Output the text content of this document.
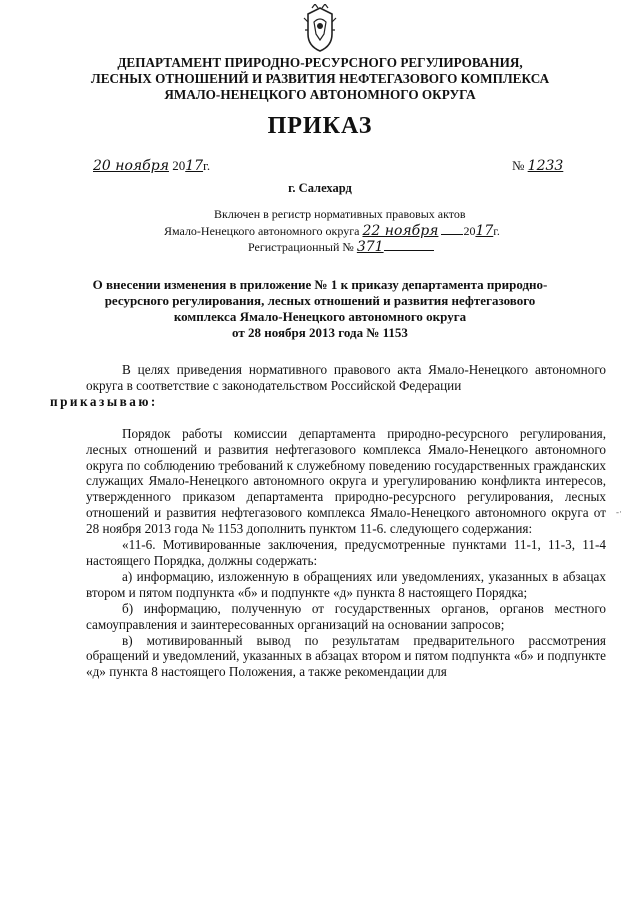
ДЕПАРТАМЕНТ ПРИРОДНО-РЕСУРСНОГО РЕГУЛИРОВАНИЯ,
ЛЕСНЫХ ОТНОШЕНИЙ И РАЗВИТИЯ НЕФТЕГАЗОВОГО КОМПЛЕКСА
ЯМАЛО-НЕНЕЦКОГО АВТОНОМНОГО ОКРУГА
ПРИКАЗ
20 ноября 2017г.	№ 1233
г. Салехард
Включен в регистр нормативных правовых актов
Ямало-Ненецкого автономного округа 22 ноября 2017г.
Регистрационный № 371
О внесении изменения в приложение № 1 к приказу департамента природно-
ресурсного регулирования, лесных отношений и развития нефтегазового
комплекса Ямало-Ненецкого автономного округа
от 28 ноября 2013 года № 1153

В целях приведения нормативного правового акта Ямало-Ненецкого автономного округа в соответствие с законодательством Российской Федерации
приказываю:

Порядок работы комиссии департамента природно-ресурсного регулирования, лесных отношений и развития нефтегазового комплекса Ямало-Ненецкого автономного округа по соблюдению требований к служебному поведению государственных гражданских служащих Ямало-Ненецкого автономного округа и урегулированию конфликта интересов, утвержденного приказом департамента природно-ресурсного регулирования, лесных отношений и развития нефтегазового комплекса Ямало-Ненецкого автономного округа от 28 ноября 2013 года № 1153 дополнить пунктом 11-6. следующего содержания:

«11-6. Мотивированные заключения, предусмотренные пунктами 11-1, 11-3, 11-4 настоящего Порядка, должны содержать:

а) информацию, изложенную в обращениях или уведомлениях, указанных в абзацах втором и пятом подпункта «б» и подпункте «д» пункта 8 настоящего Порядка;

б) информацию, полученную от государственных органов, органов местного самоуправления и заинтересованных организаций на основании запросов;

в) мотивированный вывод по результатам предварительного рассмотрения обращений и уведомлений, указанных в абзацах втором и пятом подпункта «б» и подпункте «д» пункта 8 настоящего Положения, а также рекомендации для

-·
